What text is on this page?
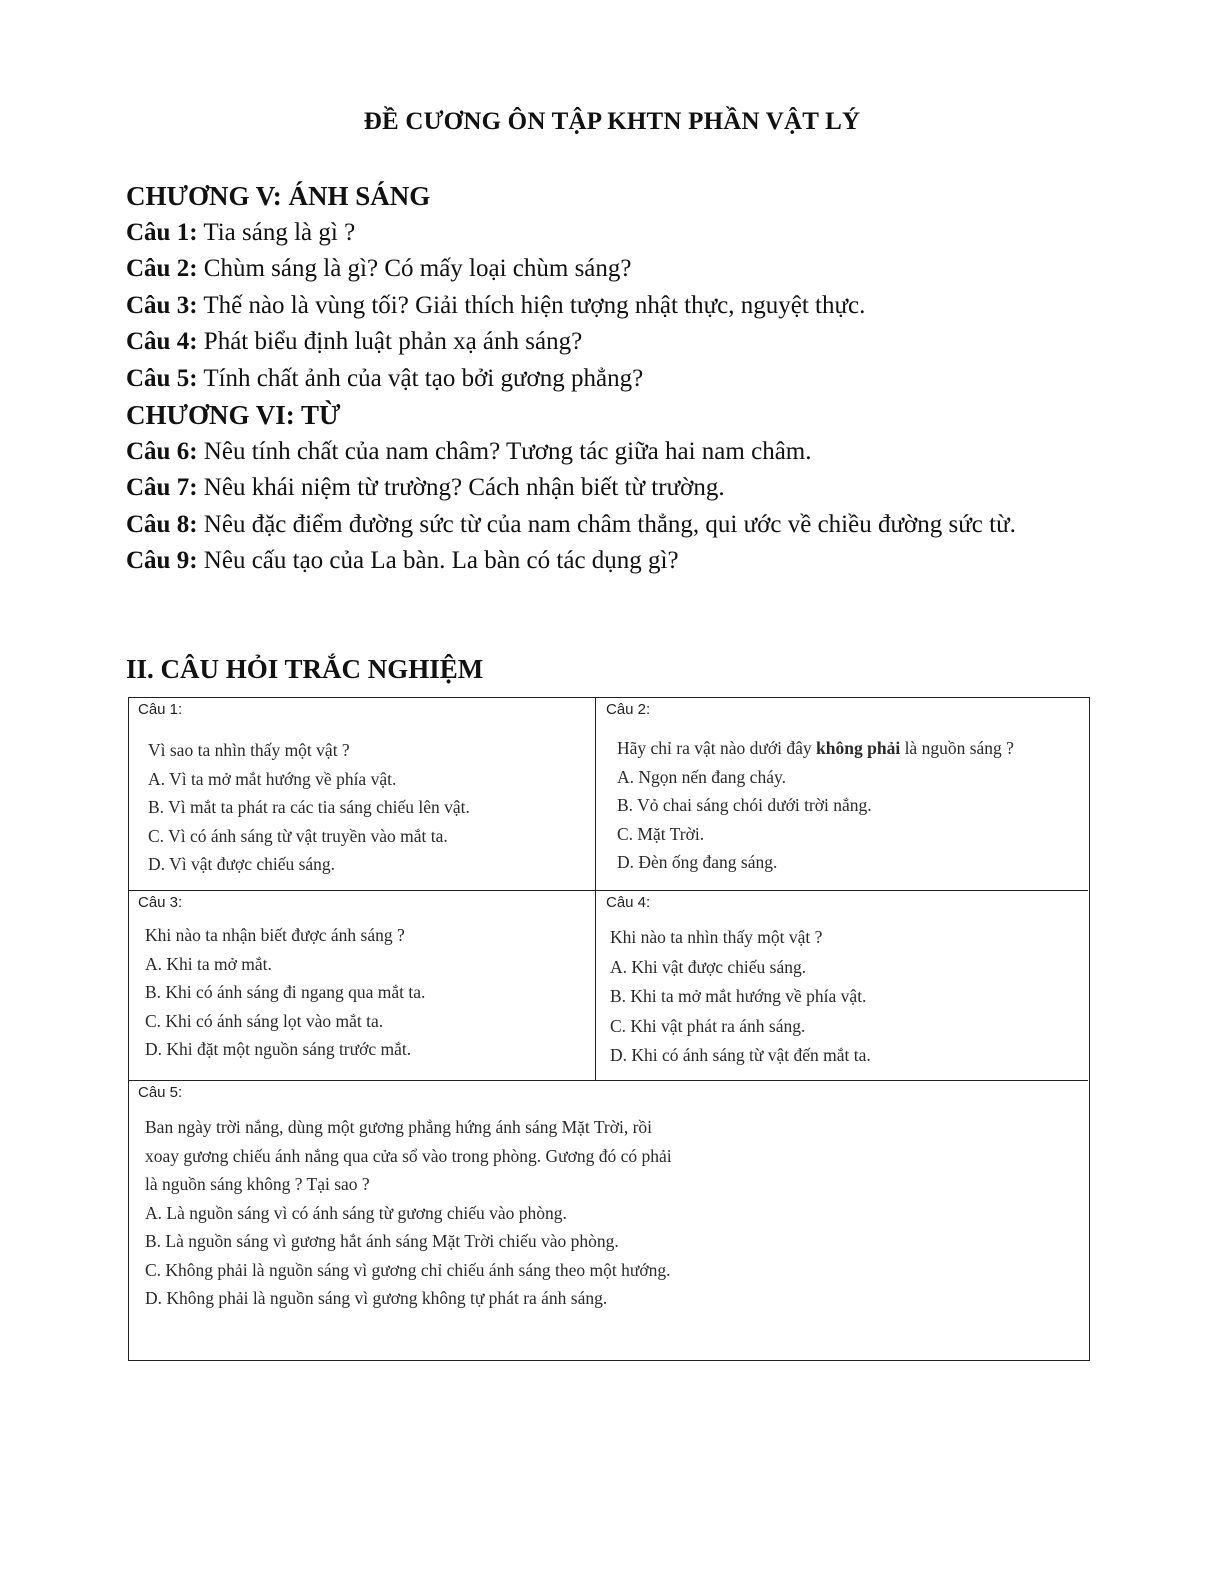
ĐỀ CƯƠNG ÔN TẬP KHTN PHẦN VẬT LÝ
CHƯƠNG V: ÁNH SÁNG
Câu 1: Tia sáng là gì ?
Câu 2: Chùm sáng là gì? Có mấy loại chùm sáng?
Câu 3: Thế nào là vùng tối? Giải thích hiện tượng nhật thực, nguyệt thực.
Câu 4: Phát biểu định luật phản xạ ánh sáng?
Câu 5: Tính chất ảnh của vật tạo bởi gương phẳng?
CHƯƠNG VI: TỪ
Câu 6: Nêu tính chất của nam châm? Tương tác giữa hai nam châm.
Câu 7: Nêu khái niệm từ trường? Cách nhận biết từ trường.
Câu 8: Nêu đặc điểm đường sức từ của nam châm thẳng, qui ước về chiều đường sức từ.
Câu 9: Nêu cấu tạo của La bàn. La bàn có tác dụng gì?
II. CÂU HỎI TRẮC NGHIỆM
Câu 1:
Vì sao ta nhìn thấy một vật ?
A. Vì ta mở mắt hướng về phía vật.
B. Vì mắt ta phát ra các tia sáng chiếu lên vật.
C. Vì có ánh sáng từ vật truyền vào mắt ta.
D. Vì vật được chiếu sáng.
Câu 2:
Hãy chỉ ra vật nào dưới đây không phải là nguồn sáng ?
A. Ngọn nến đang cháy.
B. Vỏ chai sáng chói dưới trời nắng.
C. Mặt Trời.
D. Đèn ống đang sáng.
Câu 3:
Khi nào ta nhận biết được ánh sáng ?
A. Khi ta mở mắt.
B. Khi có ánh sáng đi ngang qua mắt ta.
C. Khi có ánh sáng lọt vào mắt ta.
D. Khi đặt một nguồn sáng trước mắt.
Câu 4:
Khi nào ta nhìn thấy một vật ?
A. Khi vật được chiếu sáng.
B. Khi ta mở mắt hướng về phía vật.
C. Khi vật phát ra ánh sáng.
D. Khi có ánh sáng từ vật đến mắt ta.
Câu 5:
Ban ngày trời nắng, dùng một gương phẳng hứng ánh sáng Mặt Trời, rồi
xoay gương chiếu ánh nắng qua cửa sổ vào trong phòng. Gương đó có phải
là nguồn sáng không ? Tại sao ?
A. Là nguồn sáng vì có ánh sáng từ gương chiếu vào phòng.
B. Là nguồn sáng vì gương hắt ánh sáng Mặt Trời chiếu vào phòng.
C. Không phải là nguồn sáng vì gương chỉ chiếu ánh sáng theo một hướng.
D. Không phải là nguồn sáng vì gương không tự phát ra ánh sáng.
